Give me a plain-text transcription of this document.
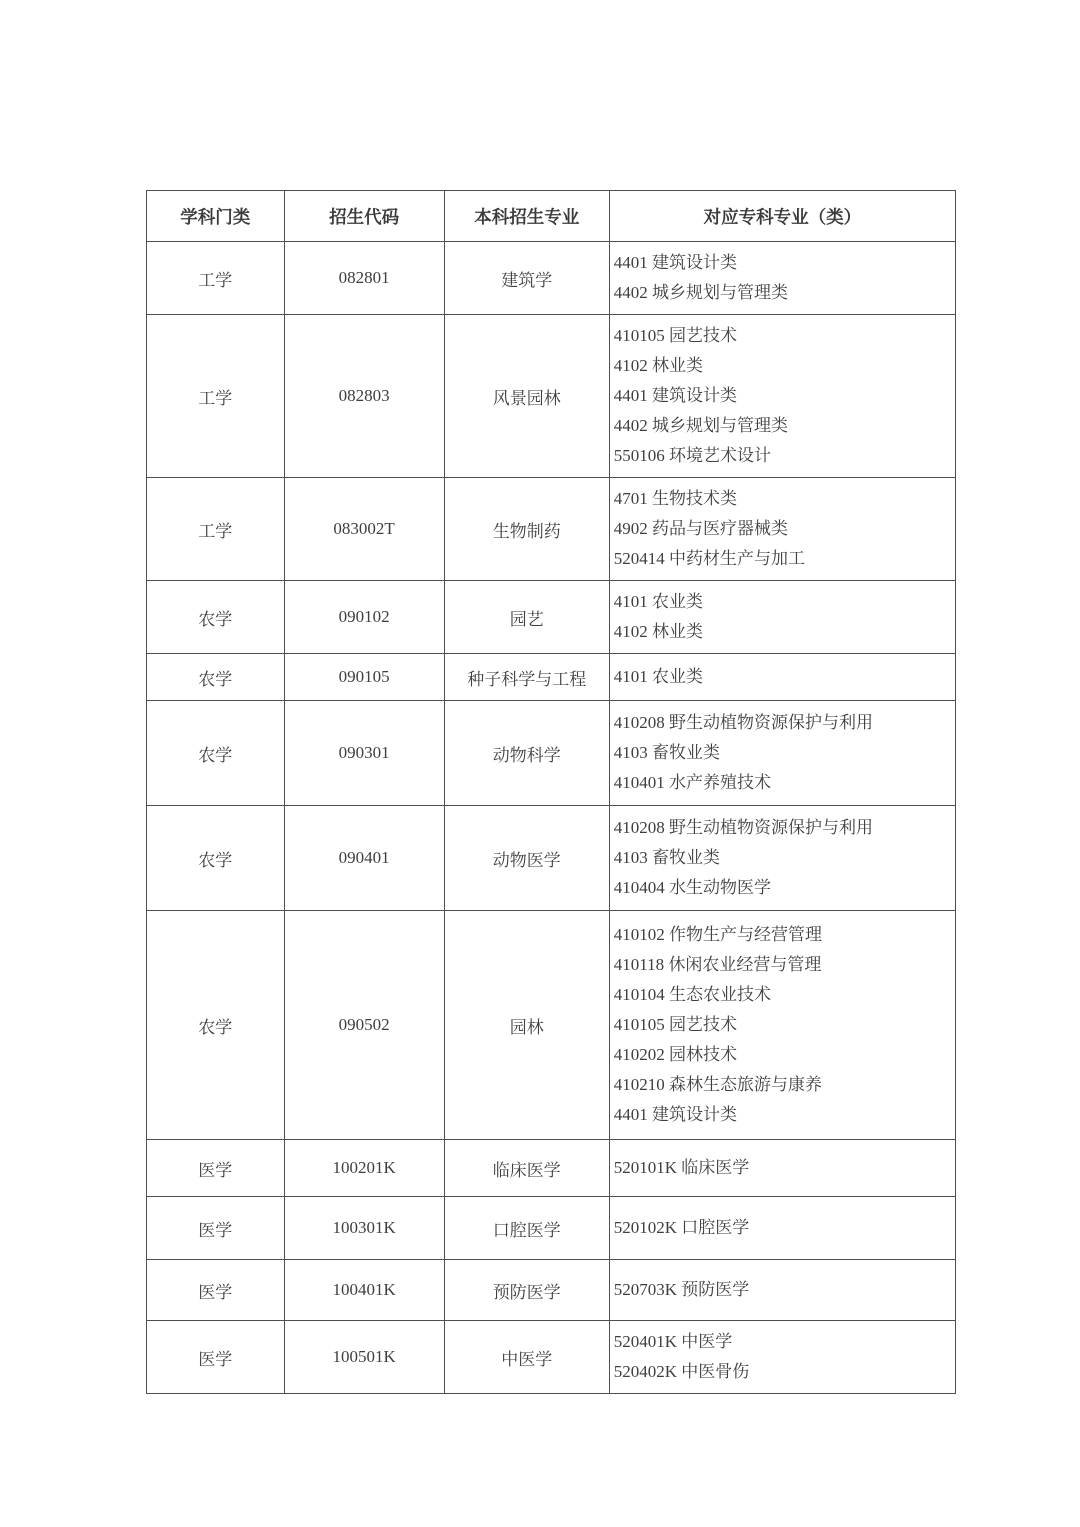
学科门类	招生代码	本科招生专业	对应专科专业（类）
工学	082801	建筑学	4401 建筑设计类
4402 城乡规划与管理类

工学	082803	风景园林	410105 园艺技术
4102 林业类
4401 建筑设计类
4402 城乡规划与管理类
550106 环境艺术设计

工学	083002T	生物制药	4701 生物技术类
4902 药品与医疗器械类
520414 中药材生产与加工

农学	090102	园艺	4101 农业类
4102 林业类

农学	090105	种子科学与工程	4101 农业类

农学	090301	动物科学	410208 野生动植物资源保护与利用
4103 畜牧业类
410401 水产养殖技术

农学	090401	动物医学	410208 野生动植物资源保护与利用
4103 畜牧业类
410404 水生动物医学

农学	090502	园林	
410102 作物生产与经营管理
410118 休闲农业经营与管理
410104 生态农业技术
410105 园艺技术
410202 园林技术
410210 森林生态旅游与康养
4401 建筑设计类

医学	100201K	临床医学	520101K 临床医学

医学	100301K	口腔医学	520102K 口腔医学

医学	100401K	预防医学	520703K 预防医学

医学	100501K	中医学	520401K 中医学
520402K 中医骨伤
